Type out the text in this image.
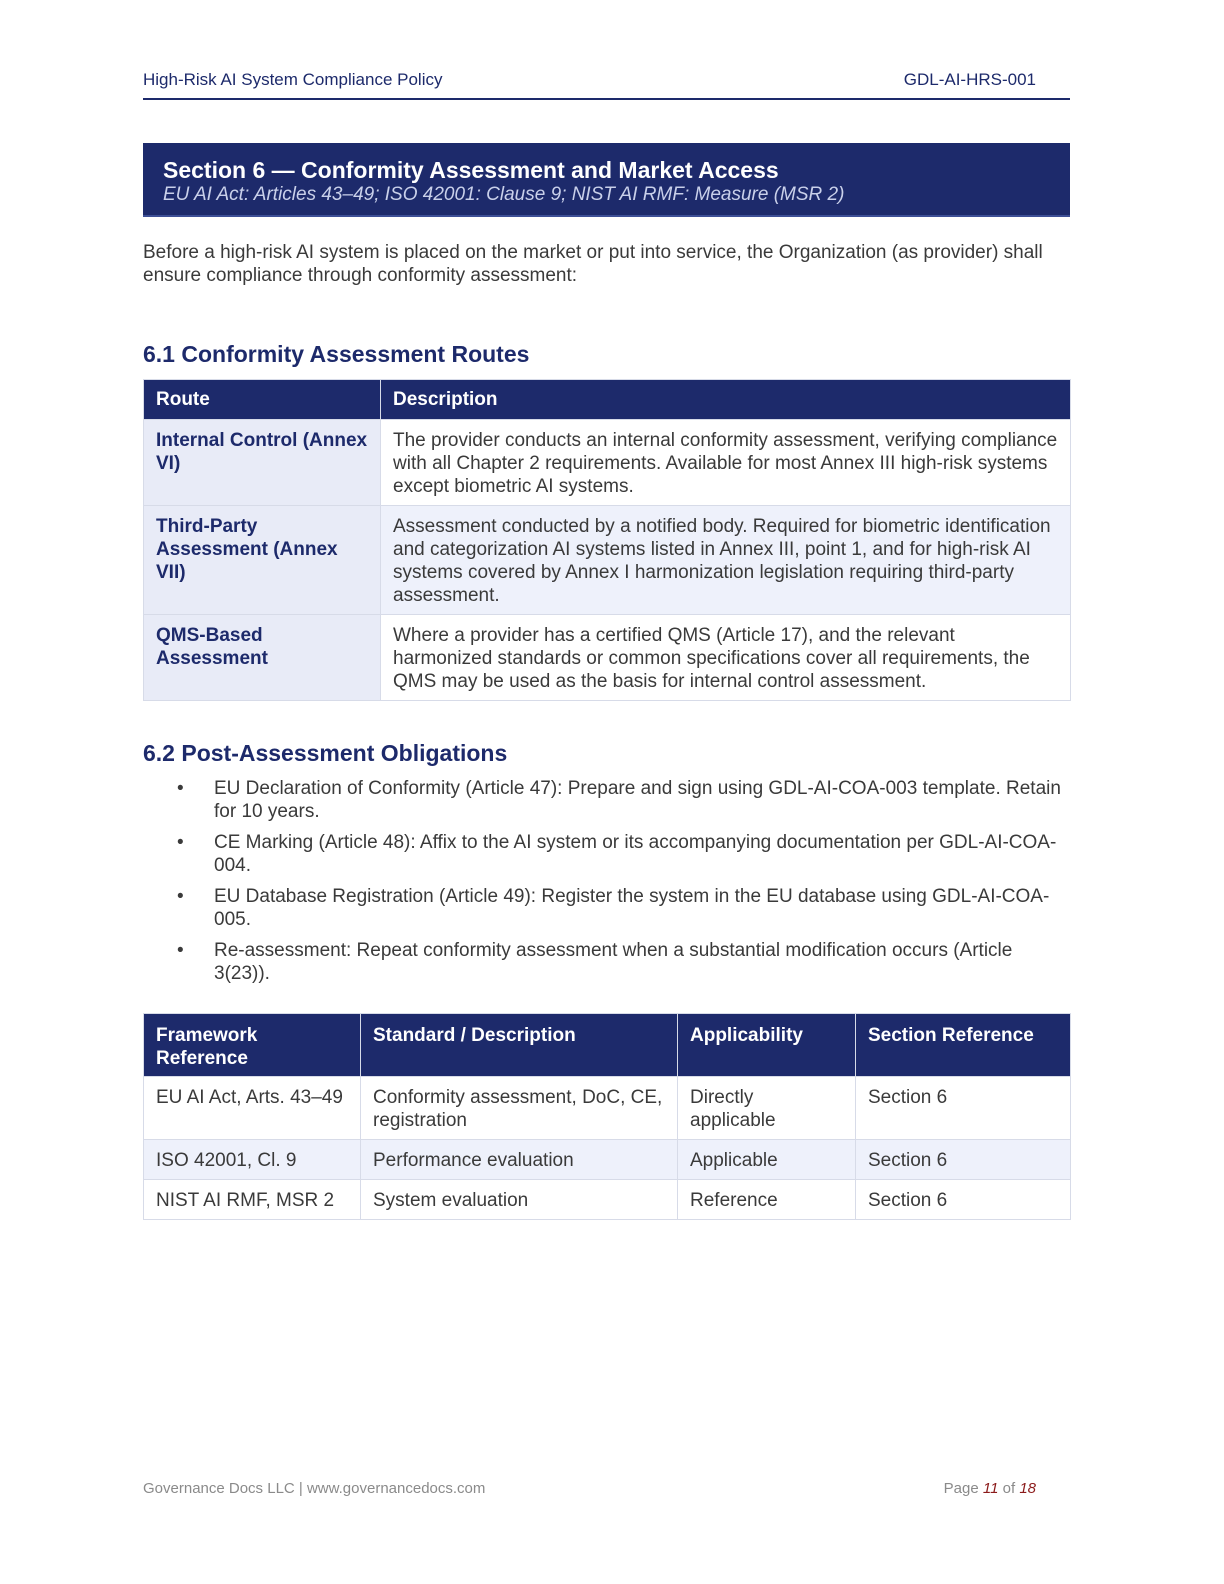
High-Risk AI System Compliance Policy	GDL-AI-HRS-001
Section 6 — Conformity Assessment and Market Access
EU AI Act: Articles 43–49; ISO 42001: Clause 9; NIST AI RMF: Measure (MSR 2)

Before a high-risk AI system is placed on the market or put into service, the Organization (as provider) shall ensure compliance through conformity assessment:

6.1 Conformity Assessment Routes
Route	Description
Internal Control (Annex VI)	The provider conducts an internal conformity assessment, verifying compliance with all Chapter 2 requirements. Available for most Annex III high-risk systems except biometric AI systems.
Third-Party Assessment (Annex VII)	Assessment conducted by a notified body. Required for biometric identification and categorization AI systems listed in Annex III, point 1, and for high-risk AI systems covered by Annex I harmonization legislation requiring third-party assessment.
QMS-Based Assessment	Where a provider has a certified QMS (Article 17), and the relevant harmonized standards or common specifications cover all requirements, the QMS may be used as the basis for internal control assessment.
6.2 Post-Assessment Obligations
• EU Declaration of Conformity (Article 47): Prepare and sign using GDL-AI-COA-003 template. Retain for 10 years.
• CE Marking (Article 48): Affix to the AI system or its accompanying documentation per GDL-AI-COA-004.
• EU Database Registration (Article 49): Register the system in the EU database using GDL-AI-COA-005.
• Re-assessment: Repeat conformity assessment when a substantial modification occurs (Article 3(23)).
Framework Reference	Standard / Description	Applicability	Section Reference
EU AI Act, Arts. 43–49	Conformity assessment, DoC, CE, registration	Directly applicable	Section 6
ISO 42001, Cl. 9	Performance evaluation	Applicable	Section 6
NIST AI RMF, MSR 2	System evaluation	Reference	Section 6
Governance Docs LLC | www.governancedocs.com	Page 11 of 18
